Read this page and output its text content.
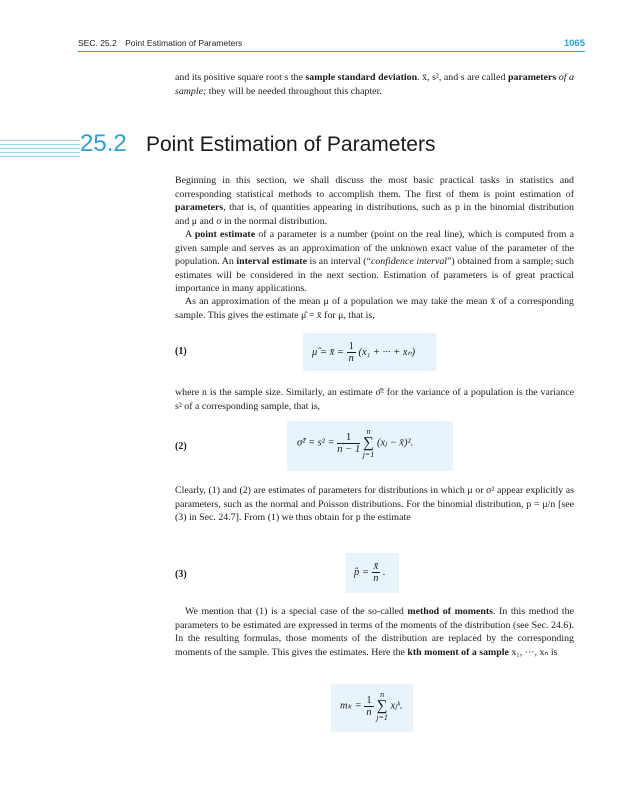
SEC. 25.2 Point Estimation of Parameters	1065
and its positive square root s the sample standard deviation. x̄, s², and s are called parameters of a sample; they will be needed throughout this chapter.
25.2 Point Estimation of Parameters
Beginning in this section, we shall discuss the most basic practical tasks in statistics and corresponding statistical methods to accomplish them. The first of them is point estimation of parameters, that is, of quantities appearing in distributions, such as p in the binomial distribution and μ and σ in the normal distribution.
A point estimate of a parameter is a number (point on the real line), which is computed from a given sample and serves as an approximation of the unknown exact value of the parameter of the population. An interval estimate is an interval (“confidence interval”) obtained from a sample; such estimates will be considered in the next section. Estimation of parameters is of great practical importance in many applications.
As an approximation of the mean μ of a population we may take the mean x̄ of a corresponding sample. This gives the estimate μ̂ = x̄ for μ, that is,
(1)	μ̂ = x̄ = $\frac{1}{n} (x_1$ + ··· + xₙ)
where n is the sample size. Similarly, an estimate σ̂² for the variance of a population is the variance s² of a corresponding sample, that is,
(2)	σ̂² = $s^2 = \frac{1}{n - 1}$
n
∑
j=1
(xⱼ − x̄)².
Clearly, (1) and (2) are estimates of parameters for distributions in which μ or σ² appear explicitly as parameters, such as the normal and Poisson distributions. For the binomial distribution, p = μ/n [see (3) in Sec. 24.7]. From (1) we thus obtain for p the estimate
(3)	p̂ = $\frac{x̄}{n}$ .
We mention that (1) is a special case of the so-called method of moments. In this method the parameters to be estimated are expressed in terms of the moments of the distribution (see Sec. 24.6). In the resulting formulas, those moments of the distribution are replaced by the corresponding moments of the sample. This gives the estimates. Here the kth moment of a sample x₁, ···, xₙ is
$m_k = \frac{1}{n}$
n
∑
j=1
xⱼᵏ.
